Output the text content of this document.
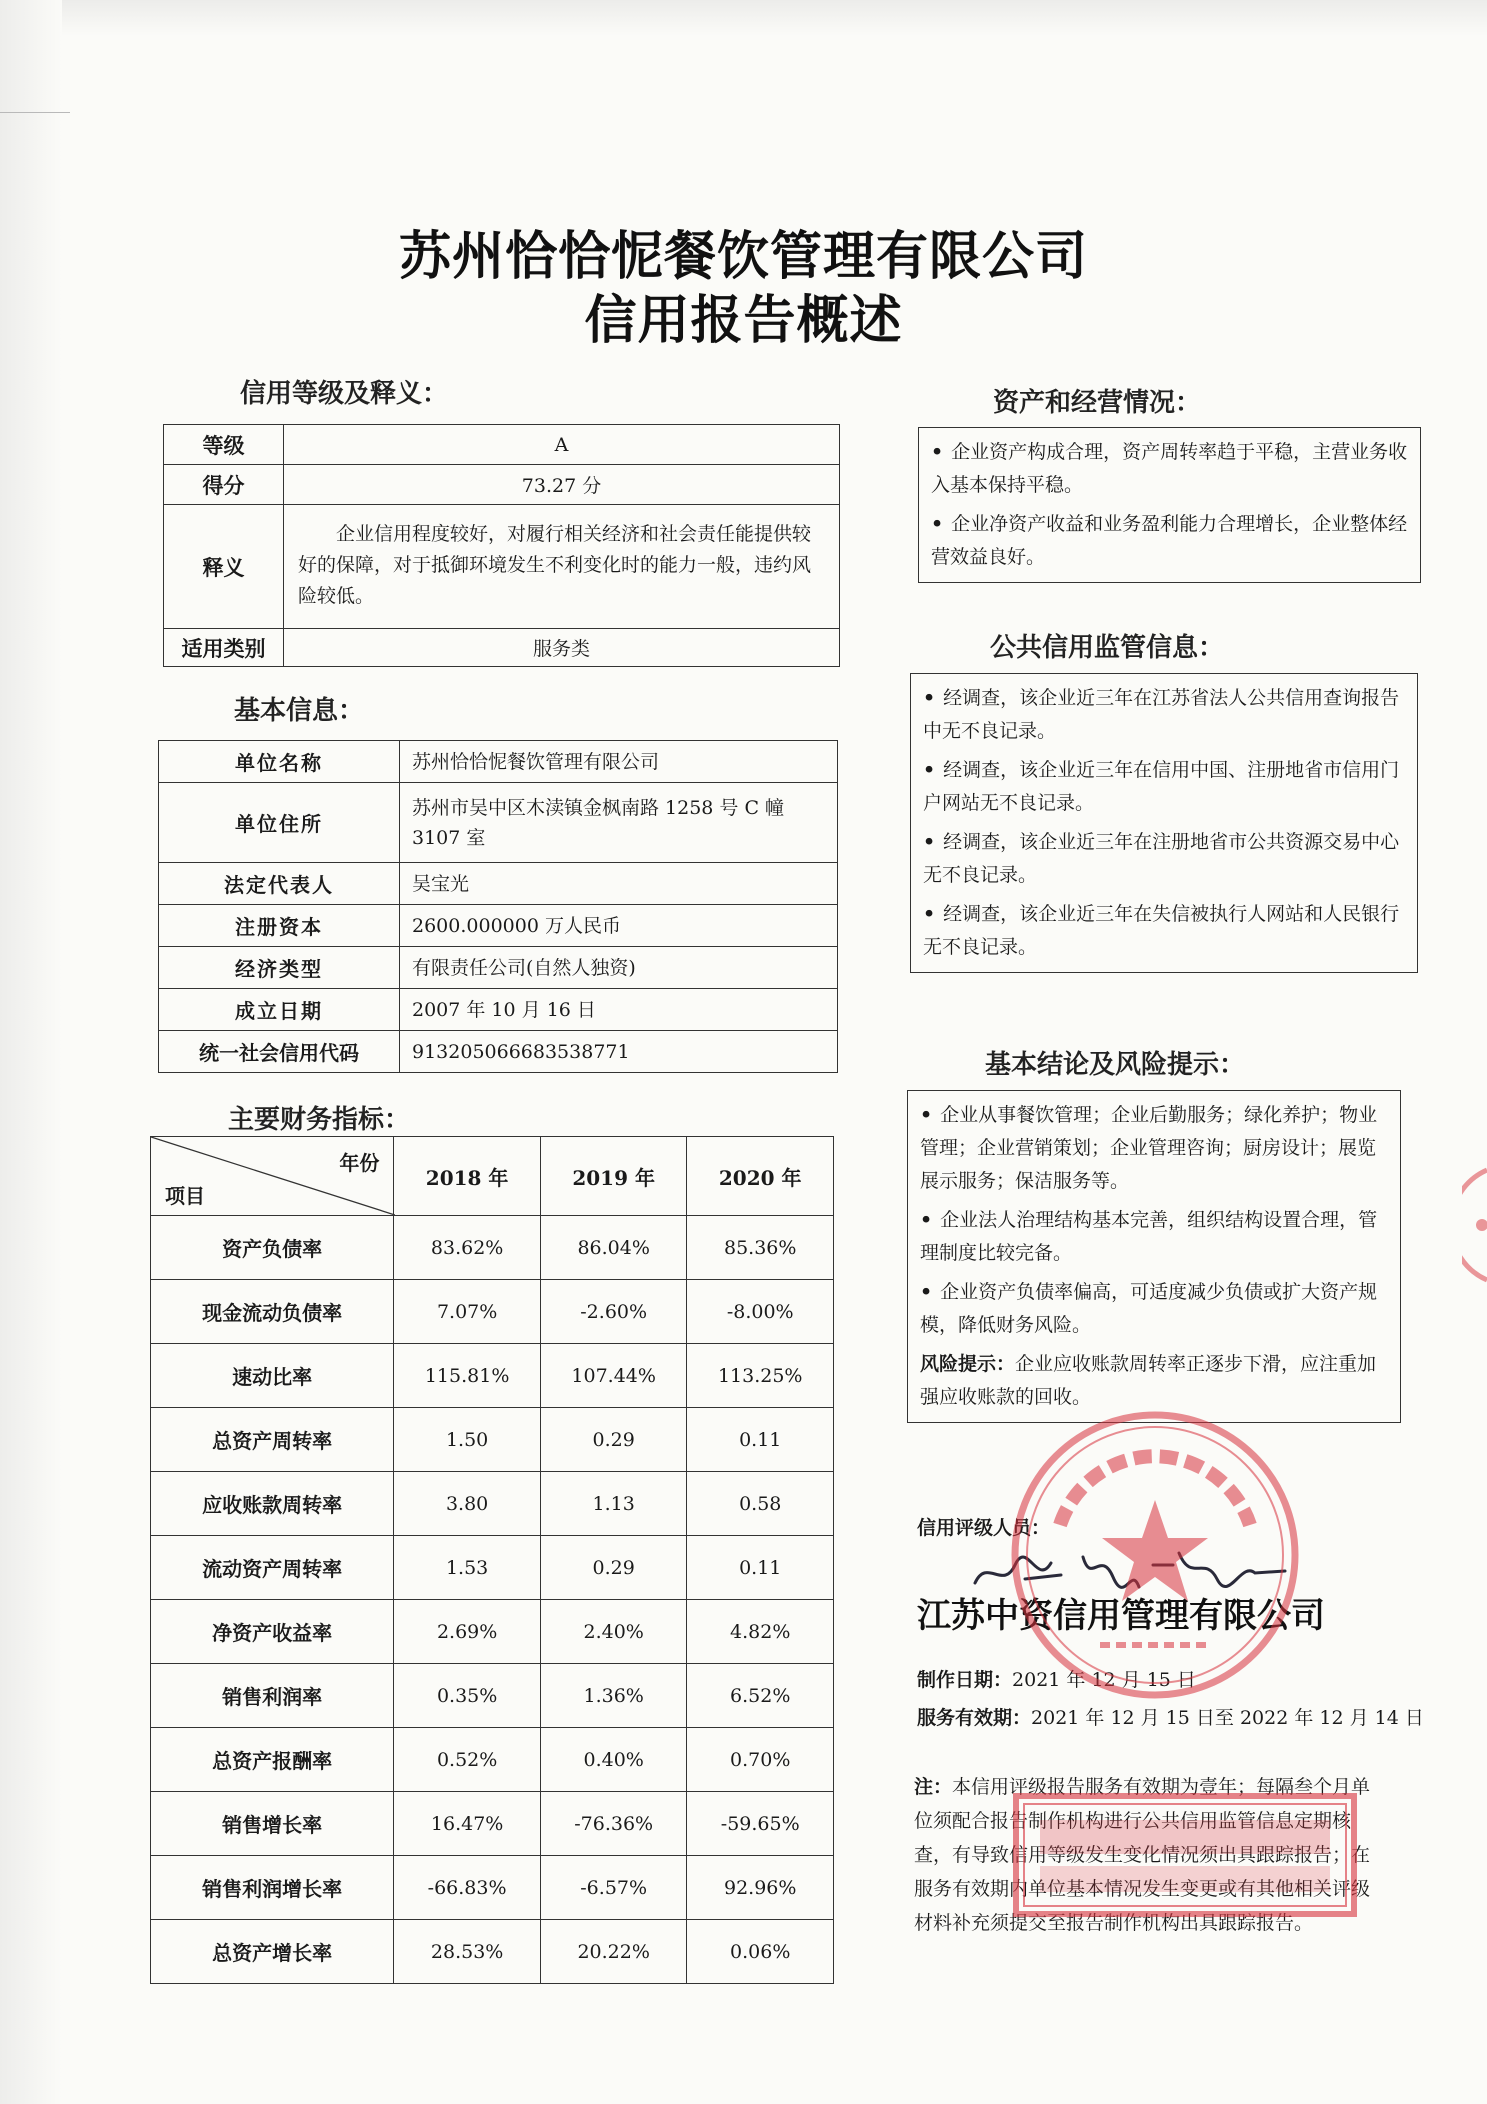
苏州恰恰怩餐饮管理有限公司
信用报告概述
信用等级及释义：
等级	A
得分	73.27 分
释义	企业信用程度较好，对履行相关经济和社会责任能提供较好的保障，对于抵御环境发生不利变化时的能力一般，违约风险较低。
适用类别	服务类
基本信息：
单位名称	苏州恰恰怩餐饮管理有限公司
单位住所	苏州市吴中区木渎镇金枫南路 1258 号 C 幢 3107 室
法定代表人	吴宝光
注册资本	2600.000000 万人民币
经济类型	有限责任公司(自然人独资)
成立日期	2007 年 10 月 16 日
统一社会信用代码	913205066683538771
主要财务指标：
年份
项目	2018 年	2019 年	2020 年
资产负债率	83.62%	86.04%	85.36%
现金流动负债率	7.07%	-2.60%	-8.00%
速动比率	115.81%	107.44%	113.25%
总资产周转率	1.50	0.29	0.11
应收账款周转率	3.80	1.13	0.58
流动资产周转率	1.53	0.29	0.11
净资产收益率	2.69%	2.40%	4.82%
销售利润率	0.35%	1.36%	6.52%
总资产报酬率	0.52%	0.40%	0.70%
销售增长率	16.47%	-76.36%	-59.65%
销售利润增长率	-66.83%	-6.57%	92.96%
总资产增长率	28.53%	20.22%	0.06%
资产和经营情况：

• 企业资产构成合理，资产周转率趋于平稳，主营业务收入基本保持平稳。

• 企业净资产收益和业务盈利能力合理增长，企业整体经营效益良好。

公共信用监管信息：

• 经调查，该企业近三年在江苏省法人公共信用查询报告中无不良记录。

• 经调查，该企业近三年在信用中国、注册地省市信用门户网站无不良记录。

• 经调查，该企业近三年在注册地省市公共资源交易中心无不良记录。

• 经调查，该企业近三年在失信被执行人网站和人民银行无不良记录。

基本结论及风险提示：

• 企业从事餐饮管理；企业后勤服务；绿化养护；物业管理；企业营销策划；企业管理咨询；厨房设计；展览展示服务；保洁服务等。

• 企业法人治理结构基本完善，组织结构设置合理，管理制度比较完备。

• 企业资产负债率偏高，可适度减少负债或扩大资产规模，降低财务风险。

风险提示：企业应收账款周转率正逐步下滑，应注重加强应收账款的回收。

信用评级人员：
江苏中资信用管理有限公司
制作日期：2021 年 12 月 15 日
服务有效期：2021 年 12 月 15 日至 2022 年 12 月 14 日
注：本信用评级报告服务有效期为壹年；每隔叁个月单位须配合报告制作机构进行公共信用监管信息定期核查，有导致信用等级发生变化情况须出具跟踪报告；在服务有效期内单位基本情况发生变更或有其他相关评级材料补充须提交至报告制作机构出具跟踪报告。
